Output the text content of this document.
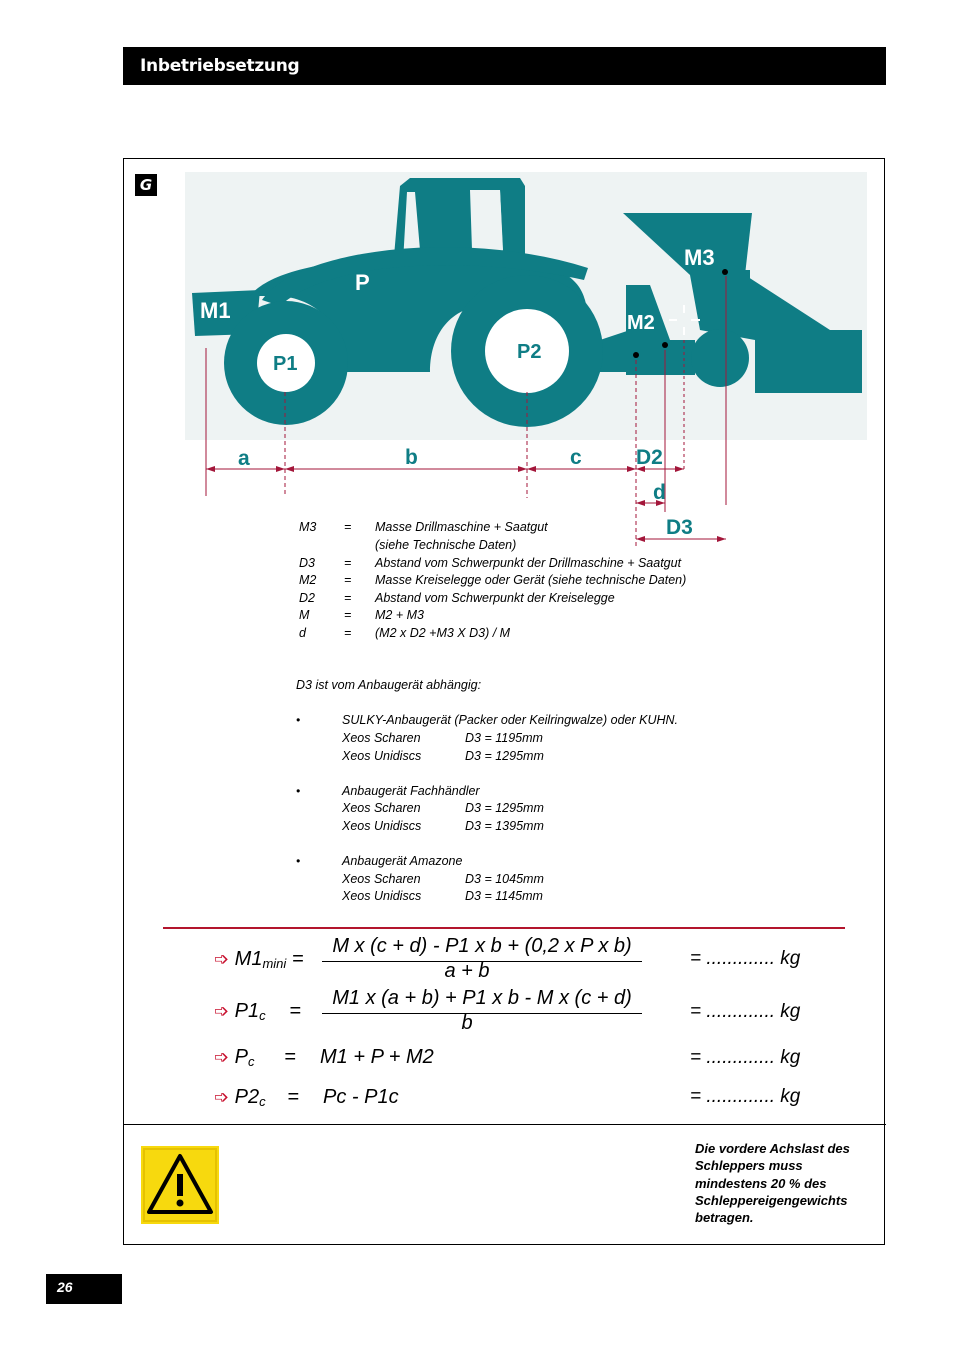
Inbetriebsetzung
G
M1
P
P1
P2
M2
M3
a	b	c	D2
d
D3
M3 = Masse Drillmaschine + Saatgut
(siehe Technische Daten)
D3 = Abstand vom Schwerpunkt der Drillmaschine + Saatgut
M2 = Masse Kreiselegge oder Gerät (siehe technische Daten)
D2 = Abstand vom Schwerpunkt der Kreiselegge
M	= M2 + M3
d	= (M2 x D2 +M3 X D3) / M
D3 ist vom Anbaugerät abhängig:
•	SULKY-Anbaugerät (Packer oder Keilringwalze) oder KUHN.
Xeos Scharen	D3 = 1195mm
Xeos Unidiscs	D3 = 1295mm
•	Anbaugerät Fachhändler
Xeos Scharen	D3 = 1295mm
Xeos Unidiscs	D3 = 1395mm
•	Anbaugerät Amazone
Xeos Scharen	D3 = 1045mm
Xeos Unidiscs	D3 = 1145mm
➩ $M1_{mini}$ =
M x (c + d) - P1 x b + (0,2 x P x b)
a + b
= ............. kg
➩ $P1_c$ =
M1 x (a + b) + P1 x b - M x (c + d)
b
= ............. kg
➩ $P_c = M1 + P + M2$	= ............. kg
➩ $P2_c = Pc - P1c$	= ............. kg
Die vordere Achslast des Schleppers muss mindestens 20 % des Schleppereigengewichts betragen.
26
